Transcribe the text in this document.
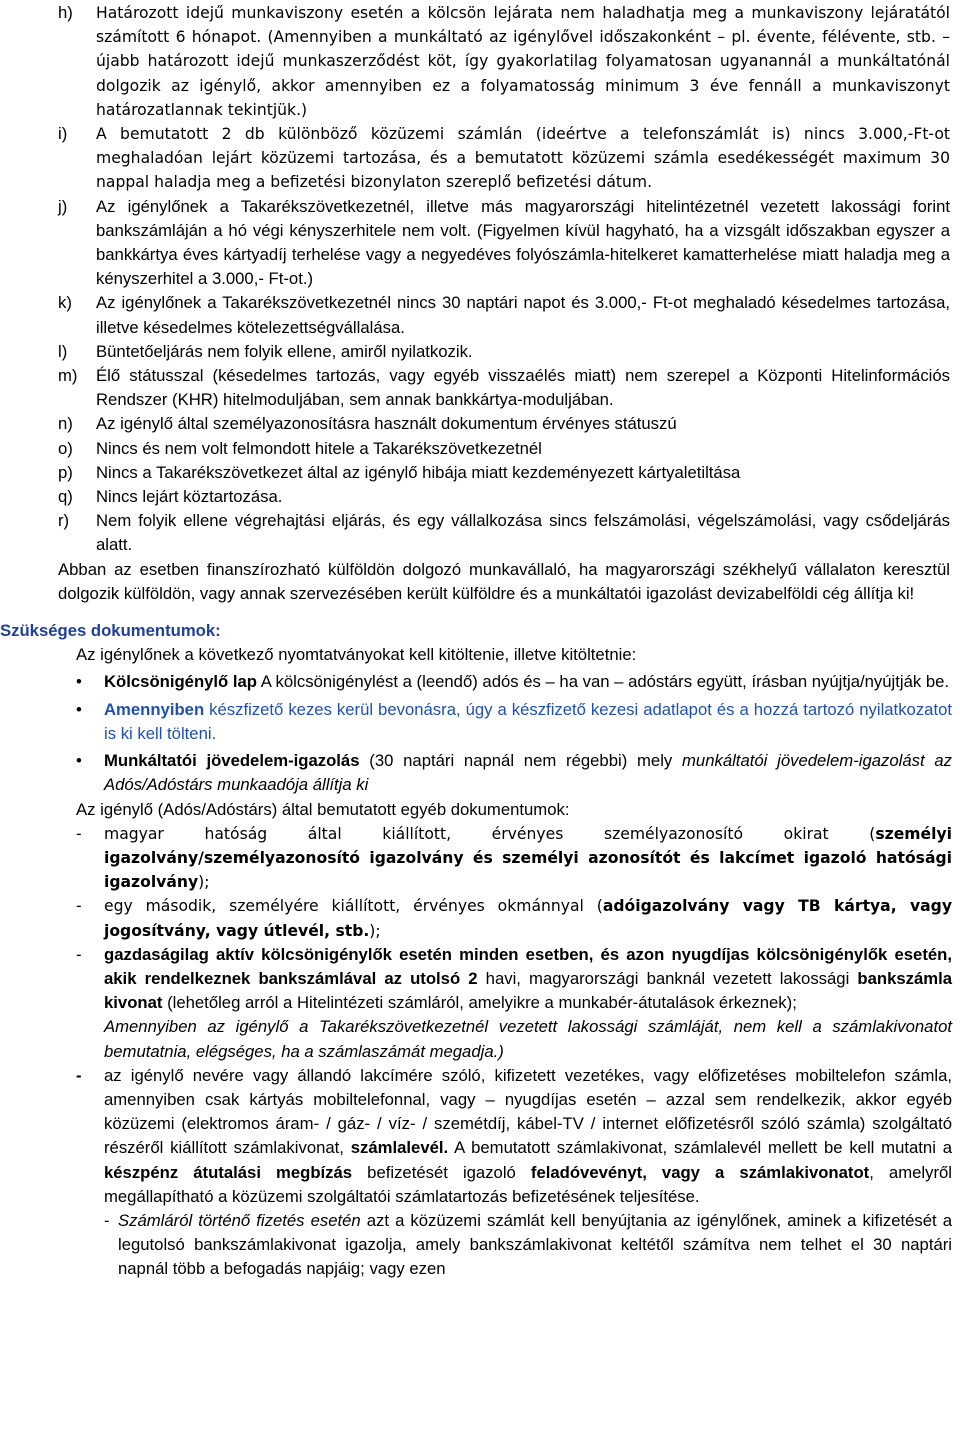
h)	Határozott idejű munkaviszony esetén a kölcsön lejárata nem haladhatja meg a munkaviszony lejáratától számított 6 hónapot. (Amennyiben a munkáltató az igénylővel időszakonként – pl. évente, félévente, stb. – újabb határozott idejű munkaszerződést köt, így gyakorlatilag folyamatosan ugyanannál a munkáltatónál dolgozik az igénylő, akkor amennyiben ez a folyamatosság minimum 3 éve fennáll a munkaviszonyt határozatlannak tekintjük.)
i)	A bemutatott 2 db különböző közüzemi számlán (ideértve a telefonszámlát is) nincs 3.000,-Ft-ot meghaladóan lejárt közüzemi tartozása, és a bemutatott közüzemi számla esedékességét maximum 30 nappal haladja meg a befizetési bizonylaton szereplő befizetési dátum.
j)	Az igénylőnek a Takarékszövetkezetnél, illetve más magyarországi hitelintézetnél vezetett lakossági forint bankszámláján a hó végi kényszerhitele nem volt. (Figyelmen kívül hagyható, ha a vizsgált időszakban egyszer a bankkártya éves kártyadíj terhelése vagy a negyedéves folyószámla-hitelkeret kamatterhelése miatt haladja meg a kényszerhitel a 3.000,- Ft-ot.)
k)	Az igénylőnek a Takarékszövetkezetnél nincs 30 naptári napot és 3.000,- Ft-ot meghaladó késedelmes tartozása, illetve késedelmes kötelezettségvállalása.
l)	Büntetőeljárás nem folyik ellene, amiről nyilatkozik.
m)	Élő státusszal (késedelmes tartozás, vagy egyéb visszaélés miatt) nem szerepel a Központi Hitelinformációs Rendszer (KHR) hitelmoduljában, sem annak bankkártya-moduljában.
n)	Az igénylő által személyazonosításra használt dokumentum érvényes státuszú
o)	Nincs és nem volt felmondott hitele a Takarékszövetkezetnél
p)	Nincs a Takarékszövetkezet által az igénylő hibája miatt kezdeményezett kártyaletiltása
q)	Nincs lejárt köztartozása.
r)	Nem folyik ellene végrehajtási eljárás, és egy vállalkozása sincs felszámolási, végelszámolási, vagy csődeljárás alatt.
Abban az esetben finanszírozható külföldön dolgozó munkavállaló, ha magyarországi székhelyű vállalaton keresztül dolgozik külföldön, vagy annak szervezésében került külföldre és a munkáltatói igazolást devizabelföldi cég állítja ki!
Szükséges dokumentumok:
Az igénylőnek a következő nyomtatványokat kell kitöltenie, illetve kitöltetnie:
•	Kölcsönigénylő lap A kölcsönigénylést a (leendő) adós és – ha van – adóstárs együtt, írásban nyújtja/nyújtják be.
•	Amennyiben készfizető kezes kerül bevonásra, úgy a készfizető kezesi adatlapot és a hozzá tartozó nyilatkozatot is ki kell tölteni.
•	Munkáltatói jövedelem-igazolás (30 naptári napnál nem régebbi) mely munkáltatói jövedelem-igazolást az Adós/Adóstárs munkaadója állítja ki
Az igénylő (Adós/Adóstárs) által bemutatott egyéb dokumentumok:
-	magyar hatóság által kiállított, érvényes személyazonosító okirat (személyi igazolvány/személyazonosító igazolvány és személyi azonosítót és lakcímet igazoló hatósági igazolvány);
-	egy második, személyére kiállított, érvényes okmánnyal (adóigazolvány vagy TB kártya, vagy jogosítvány, vagy útlevél, stb.);
-	gazdaságilag aktív kölcsönigénylők esetén minden esetben, és azon nyugdíjas kölcsönigénylők esetén, akik rendelkeznek bankszámlával az utolsó 2 havi, magyarországi banknál vezetett lakossági bankszámla kivonat (lehetőleg arról a Hitelintézeti számláról, amelyikre a munkabér-átutalások érkeznek);
Amennyiben az igénylő a Takarékszövetkezetnél vezetett lakossági számláját, nem kell a számlakivonatot bemutatnia, elégséges, ha a számlaszámát megadja.)
-	az igénylő nevére vagy állandó lakcímére szóló, kifizetett vezetékes, vagy előfizetéses mobiltelefon számla, amennyiben csak kártyás mobiltelefonnal, vagy – nyugdíjas esetén – azzal sem rendelkezik, akkor egyéb közüzemi (elektromos áram- / gáz- / víz- / szemétdíj, kábel-TV / internet előfizetésről szóló számla) szolgáltató részéről kiállított számlakivonat, számlalevél. A bemutatott számlakivonat, számlalevél mellett be kell mutatni a készpénz átutalási megbízás befizetését igazoló feladóvevényt, vagy a számlakivonatot, amelyről megállapítható a közüzemi szolgáltatói számlatartozás befizetésének teljesítése.
- Számláról történő fizetés esetén azt a közüzemi számlát kell benyújtania az igénylőnek, aminek a kifizetését a legutolsó bankszámlakivonat igazolja, amely bankszámlakivonat keltétől számítva nem telhet el 30 naptári napnál több a befogadás napjáig; vagy ezen
